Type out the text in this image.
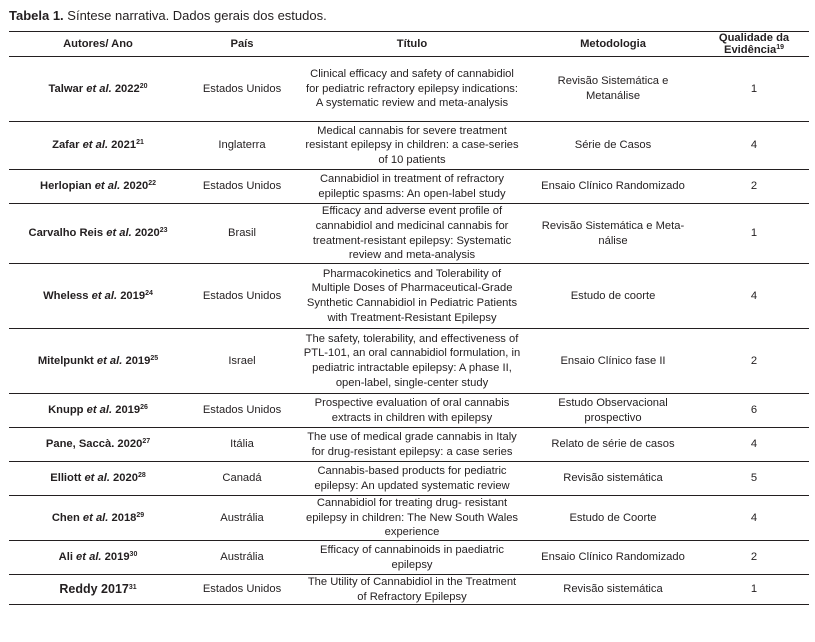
Tabela 1. Síntese narrativa. Dados gerais dos estudos.
Autores/ Ano	País	Título	Metodologia	Qualidade da Evidência$^{19}$
Talwar et al. 2022$^{20}$	Estados Unidos	Clinical efficacy and safety of cannabidiol for pediatric refractory epilepsy indications: A systematic review and meta-analysis	Revisão Sistemática e Metanálise	1
Zafar et al. 2021$^{21}$	Inglaterra	Medical cannabis for severe treatment resistant epilepsy in children: a case-series of 10 patients	Série de Casos	4
Herlopian et al. 2020$^{22}$	Estados Unidos	Cannabidiol in treatment of refractory epileptic spasms: An open-label study	Ensaio Clínico Randomizado	2
Carvalho Reis et al. 2020$^{23}$	Brasil	Efficacy and adverse event profile of cannabidiol and medicinal cannabis for treatment-resistant epilepsy: Systematic review and meta-analysis	Revisão Sistemática e Meta-nálise	1
Wheless et al. 2019$^{24}$	Estados Unidos	Pharmacokinetics and Tolerability of Multiple Doses of Pharmaceutical-Grade Synthetic Cannabidiol in Pediatric Patients with Treatment-Resistant Epilepsy	Estudo de coorte	4
Mitelpunkt et al. 2019$^{25}$	Israel	The safety, tolerability, and effectiveness of PTL-101, an oral cannabidiol formulation, in pediatric intractable epilepsy: A phase II, open-label, single-center study	Ensaio Clínico fase II	2
Knupp et al. 2019$^{26}$	Estados Unidos	Prospective evaluation of oral cannabis extracts in children with epilepsy	Estudo Observacional prospectivo	6
Pane, Saccà. 2020$^{27}$	Itália	The use of medical grade cannabis in Italy for drug-resistant epilepsy: a case series	Relato de série de casos	4
Elliott et al. 2020$^{28}$	Canadá	Cannabis-based products for pediatric epilepsy: An updated systematic review	Revisão sistemática	5
Chen et al. 2018$^{29}$	Austrália	Cannabidiol for treating drug- resistant epilepsy in children: The New South Wales experience	Estudo de Coorte	4
Ali et al. 2019$^{30}$	Austrália	Efficacy of cannabinoids in paediatric epilepsy	Ensaio Clínico Randomizado	2
Reddy 2017$^{31}$	Estados Unidos	The Utility of Cannabidiol in the Treatment of Refractory Epilepsy	Revisão sistemática	1
